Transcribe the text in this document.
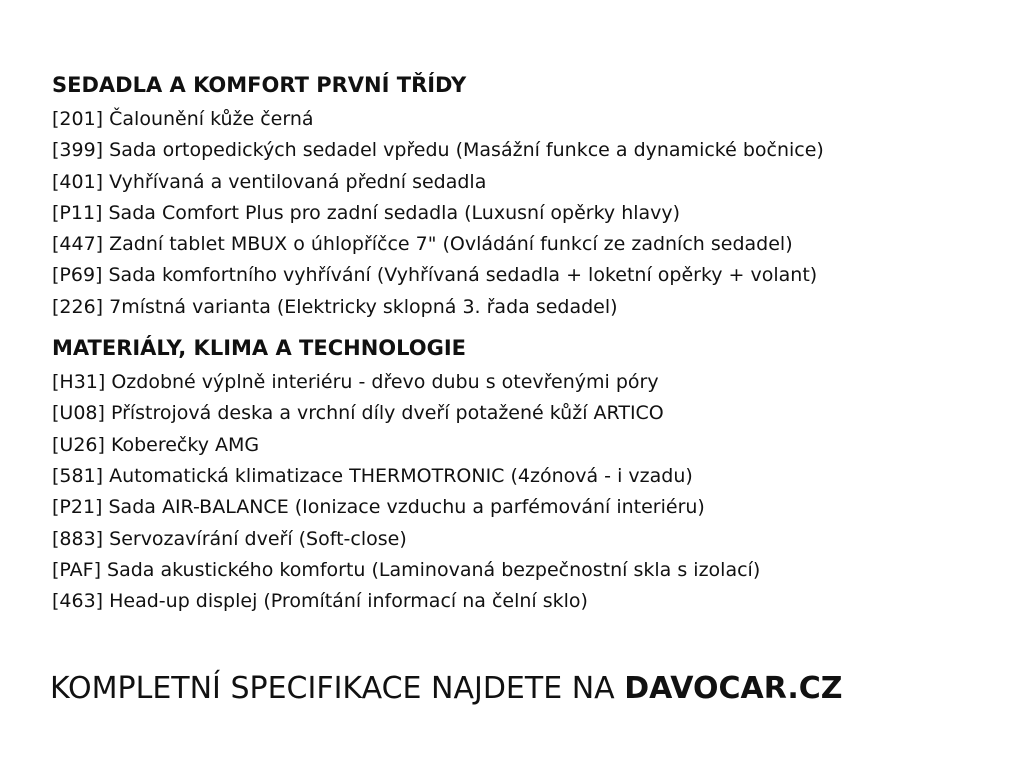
SEDADLA A KOMFORT PRVNÍ TŘÍDY
[201] Čalounění kůže černá
[399] Sada ortopedických sedadel vpředu (Masážní funkce a dynamické bočnice)
[401] Vyhřívaná a ventilovaná přední sedadla
[P11] Sada Comfort Plus pro zadní sedadla (Luxusní opěrky hlavy)
[447] Zadní tablet MBUX o úhlopříčce 7" (Ovládání funkcí ze zadních sedadel)
[P69] Sada komfortního vyhřívání (Vyhřívaná sedadla + loketní opěrky + volant)
[226] 7místná varianta (Elektricky sklopná 3. řada sedadel)
MATERIÁLY, KLIMA A TECHNOLOGIE
[H31] Ozdobné výplně interiéru - dřevo dubu s otevřenými póry
[U08] Přístrojová deska a vrchní díly dveří potažené kůží ARTICO
[U26] Koberečky AMG
[581] Automatická klimatizace THERMOTRONIC (4zónová - i vzadu)
[P21] Sada AIR-BALANCE (Ionizace vzduchu a parfémování interiéru)
[883] Servozavírání dveří (Soft-close)
[PAF] Sada akustického komfortu (Laminovaná bezpečnostní skla s izolací)
[463] Head-up displej (Promítání informací na čelní sklo)
KOMPLETNÍ SPECIFIKACE NAJDETE NA DAVOCAR.CZ
